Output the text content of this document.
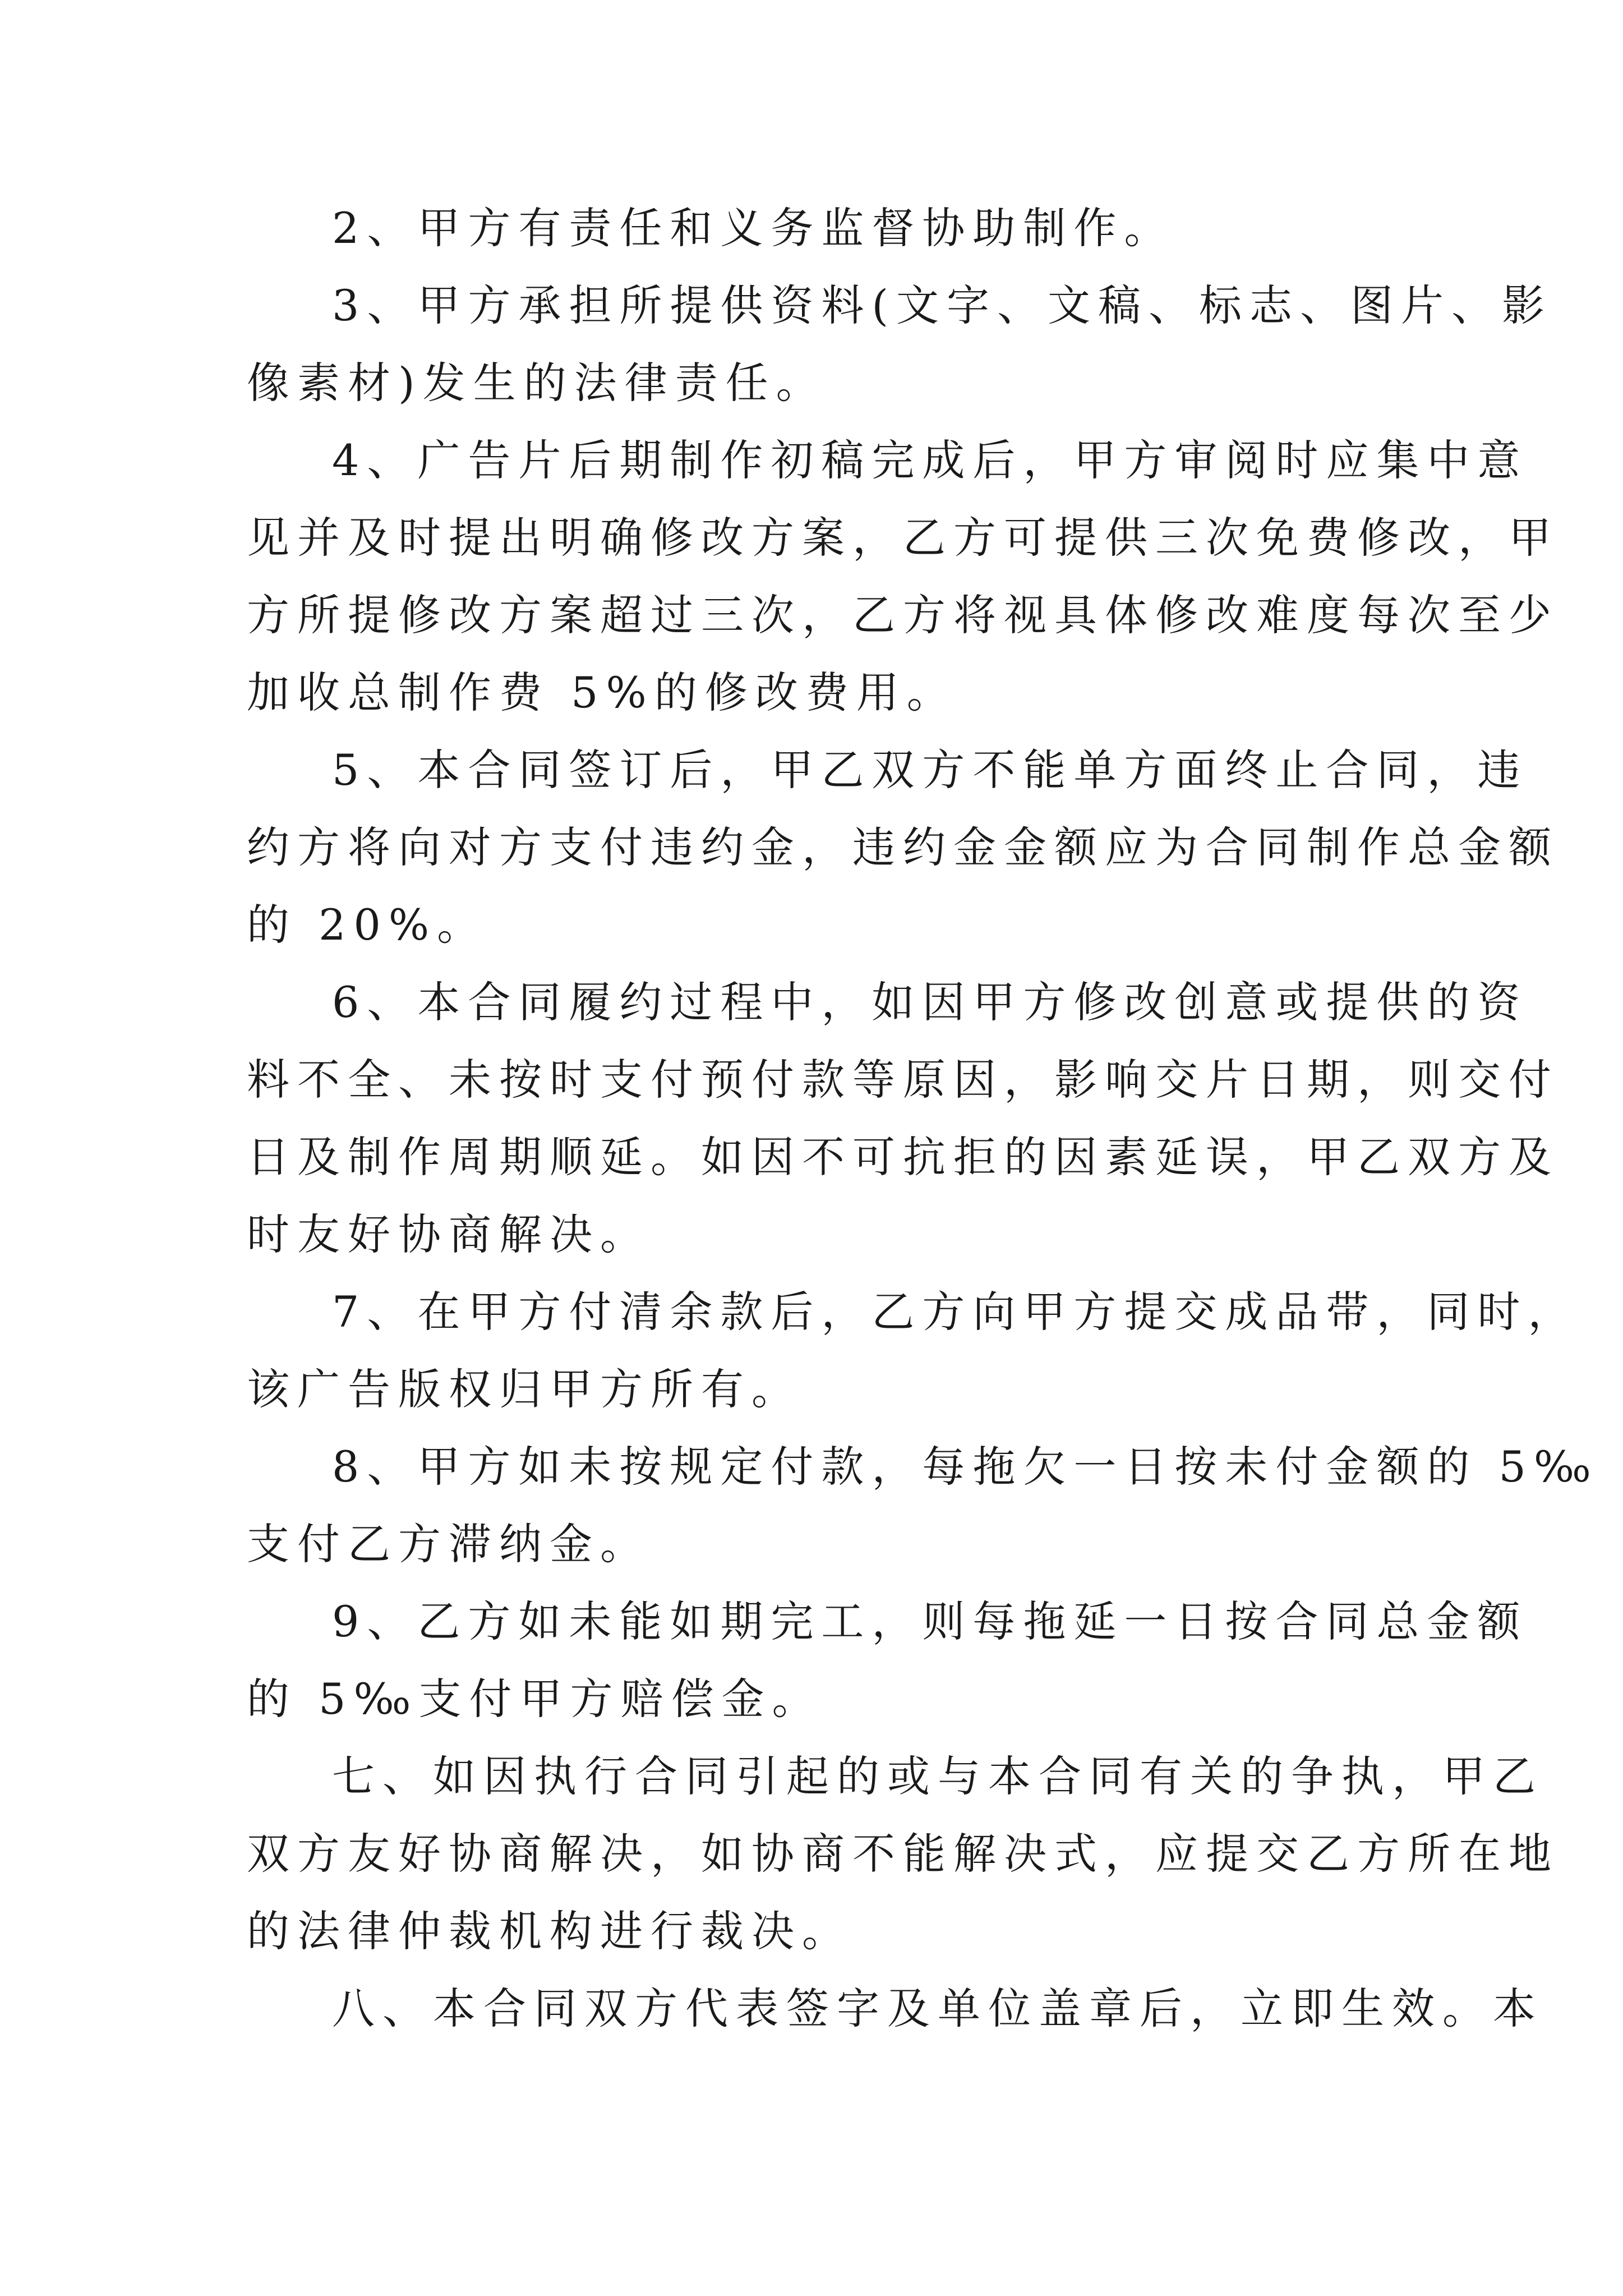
2、甲方有责任和义务监督协助制作。
3、甲方承担所提供资料(文字、文稿、标志、图片、影
像素材)发生的法律责任。
4、广告片后期制作初稿完成后，甲方审阅时应集中意
见并及时提出明确修改方案，乙方可提供三次免费修改，甲
方所提修改方案超过三次，乙方将视具体修改难度每次至少
加收总制作费 5%的修改费用。
5、本合同签订后，甲乙双方不能单方面终止合同，违
约方将向对方支付违约金，违约金金额应为合同制作总金额
的 20%。
6、本合同履约过程中，如因甲方修改创意或提供的资
料不全、未按时支付预付款等原因，影响交片日期，则交付
日及制作周期顺延。如因不可抗拒的因素延误，甲乙双方及
时友好协商解决。
7、在甲方付清余款后，乙方向甲方提交成品带，同时，
该广告版权归甲方所有。
8、甲方如未按规定付款，每拖欠一日按未付金额的 5‰
支付乙方滞纳金。
9、乙方如未能如期完工，则每拖延一日按合同总金额
的 5‰支付甲方赔偿金。
七、如因执行合同引起的或与本合同有关的争执，甲乙
双方友好协商解决，如协商不能解决式，应提交乙方所在地
的法律仲裁机构进行裁决。
八、本合同双方代表签字及单位盖章后，立即生效。本
